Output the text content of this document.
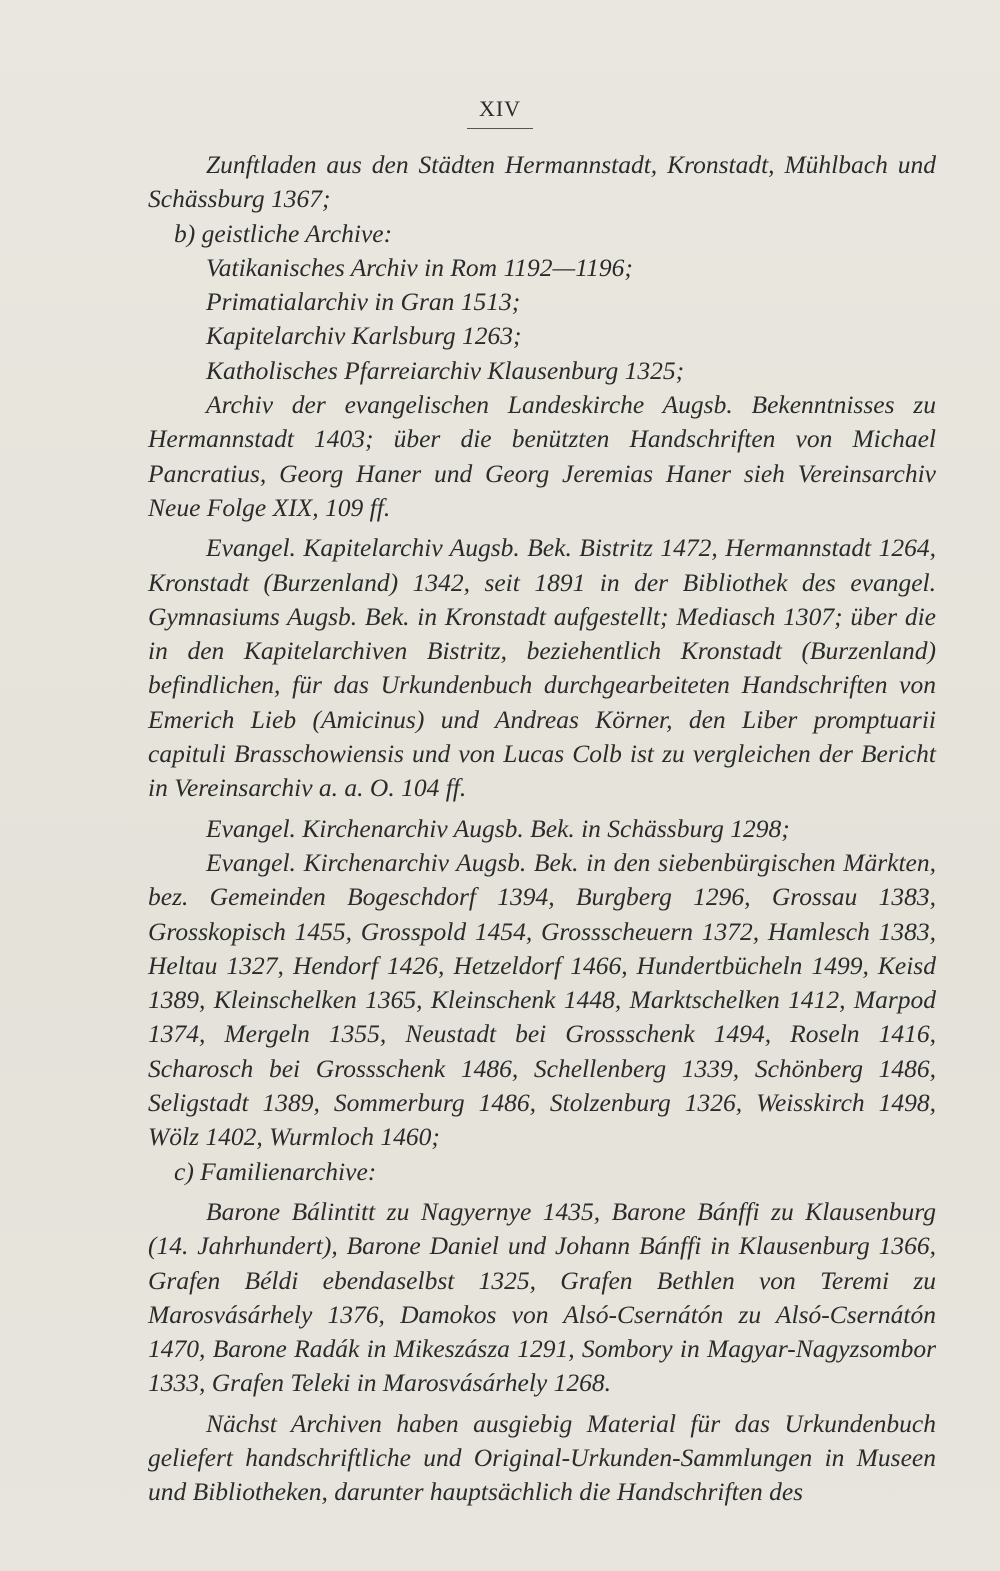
XIV

Zunftladen aus den Städten Hermannstadt, Kronstadt, Mühlbach und Schässburg 1367;

b) geistliche Archive:

Vatikanisches Archiv in Rom 1192—1196;

Primatialarchiv in Gran 1513;

Kapitelarchiv Karlsburg 1263;

Katholisches Pfarreiarchiv Klausenburg 1325;

Archiv der evangelischen Landeskirche Augsb. Bekenntnisses zu Hermannstadt 1403; über die benützten Handschriften von Michael Pancratius, Georg Haner und Georg Jeremias Haner sieh Vereinsarchiv Neue Folge XIX, 109 ff.

Evangel. Kapitelarchiv Augsb. Bek. Bistritz 1472, Hermannstadt 1264, Kronstadt (Burzenland) 1342, seit 1891 in der Bibliothek des evangel. Gymnasiums Augsb. Bek. in Kronstadt aufgestellt; Mediasch 1307; über die in den Kapitelarchiven Bistritz, beziehentlich Kronstadt (Burzenland) befindlichen, für das Urkundenbuch durchgearbeiteten Handschriften von Emerich Lieb (Amicinus) und Andreas Körner, den Liber promptuarii capituli Brasschowiensis und von Lucas Colb ist zu vergleichen der Bericht in Vereinsarchiv a. a. O. 104 ff.

Evangel. Kirchenarchiv Augsb. Bek. in Schässburg 1298;

Evangel. Kirchenarchiv Augsb. Bek. in den siebenbürgischen Märkten, bez. Gemeinden Bogeschdorf 1394, Burgberg 1296, Grossau 1383, Grosskopisch 1455, Grosspold 1454, Grossscheuern 1372, Hamlesch 1383, Heltau 1327, Hendorf 1426, Hetzeldorf 1466, Hundertbücheln 1499, Keisd 1389, Kleinschelken 1365, Kleinschenk 1448, Marktschelken 1412, Marpod 1374, Mergeln 1355, Neustadt bei Grossschenk 1494, Roseln 1416, Scharosch bei Grossschenk 1486, Schellenberg 1339, Schönberg 1486, Seligstadt 1389, Sommerburg 1486, Stolzenburg 1326, Weisskirch 1498, Wölz 1402, Wurmloch 1460;

c) Familienarchive:

Barone Bálintitt zu Nagyernye 1435, Barone Bánffi zu Klausenburg (14. Jahrhundert), Barone Daniel und Johann Bánffi in Klausenburg 1366, Grafen Béldi ebendaselbst 1325, Grafen Bethlen von Teremi zu Marosvásárhely 1376, Damokos von Alsó-Csernátón zu Alsó-Csernátón 1470, Barone Radák in Mikeszásza 1291, Sombory in Magyar-Nagyzsombor 1333, Grafen Teleki in Marosvásárhely 1268.

Nächst Archiven haben ausgiebig Material für das Urkundenbuch geliefert handschriftliche und Original-Urkunden-Sammlungen in Museen und Bibliotheken, darunter hauptsächlich die Handschriften des
